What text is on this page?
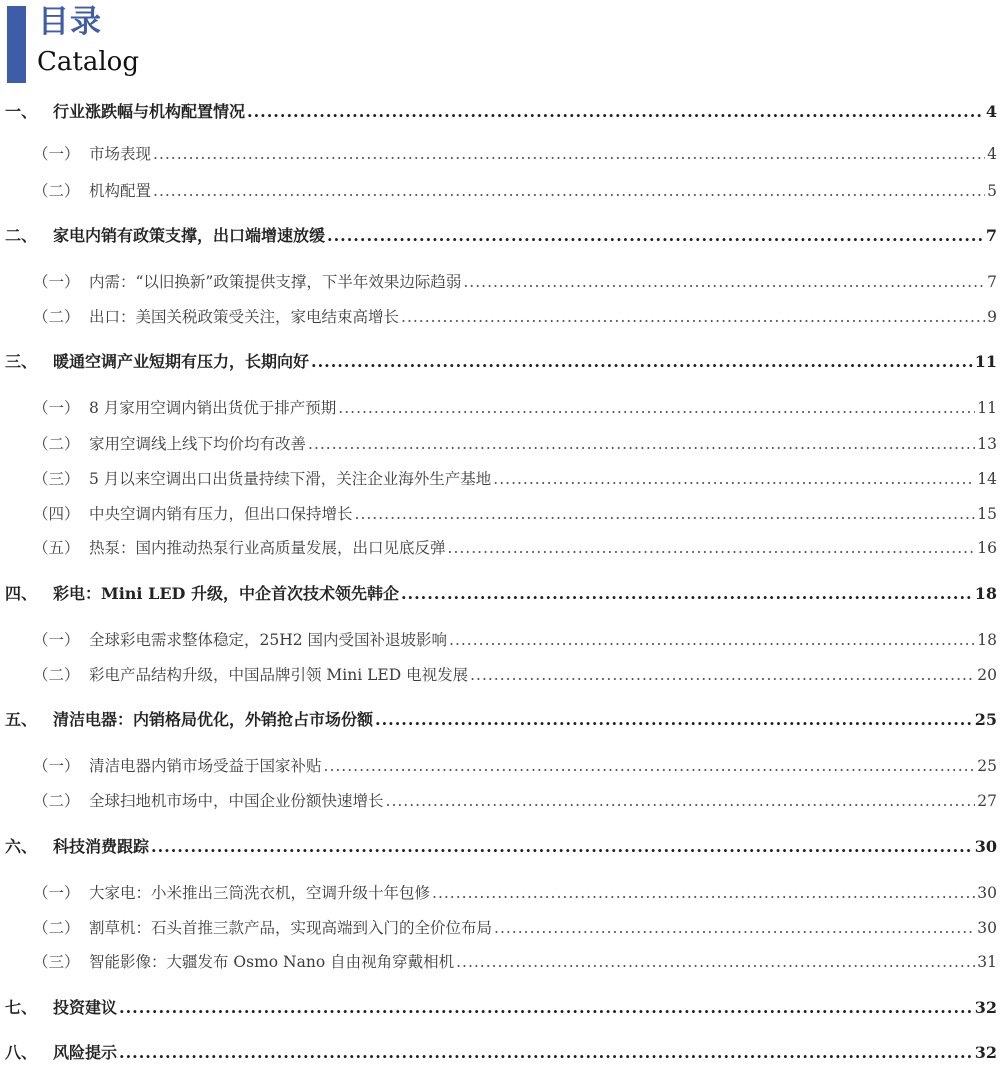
目录
Catalog
一、 行业涨跌幅与机构配置情况 .....	4
（一） 市场表现 .....	4
（二） 机构配置 .....	5
二、 家电内销有政策支撑，出口端增速放缓 .....	7
（一） 内需：“以旧换新”政策提供支撑，下半年效果边际趋弱 .....	7
（二） 出口：美国关税政策受关注，家电结束高增长 .....	9
三、 暖通空调产业短期有压力，长期向好 .....	11
（一） 8 月家用空调内销出货优于排产预期 .....	11
（二） 家用空调线上线下均价均有改善 .....	13
（三） 5 月以来空调出口出货量持续下滑，关注企业海外生产基地 .....	14
（四） 中央空调内销有压力，但出口保持增长 .....	15
（五） 热泵：国内推动热泵行业高质量发展，出口见底反弹 .....	16
四、 彩电：Mini LED 升级，中企首次技术领先韩企 .....	18
（一） 全球彩电需求整体稳定，25H2 国内受国补退坡影响 .....	18
（二） 彩电产品结构升级，中国品牌引领 Mini LED 电视发展 .....	20
五、 清洁电器：内销格局优化，外销抢占市场份额 .....	25
（一） 清洁电器内销市场受益于国家补贴 .....	25
（二） 全球扫地机市场中，中国企业份额快速增长 .....	27
六、 科技消费跟踪 .....	30
（一） 大家电：小米推出三筒洗衣机，空调升级十年包修 .....	30
（二） 割草机：石头首推三款产品，实现高端到入门的全价位布局 .....	30
（三） 智能影像：大疆发布 Osmo Nano 自由视角穿戴相机 .....	31
七、 投资建议 .....	32
八、 风险提示 .....	32
